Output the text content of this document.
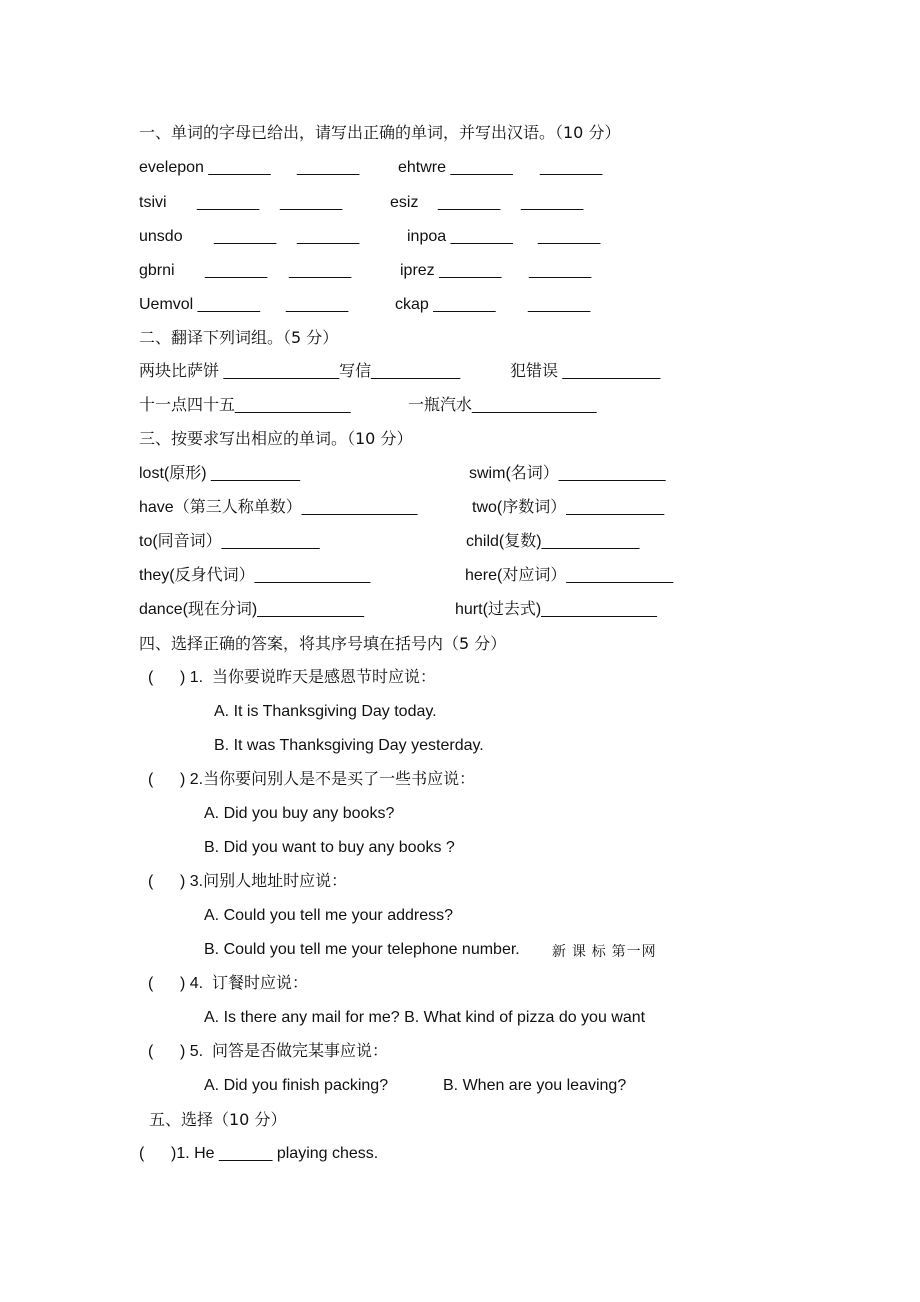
一、单词的字母已给出，请写出正确的单词，并写出汉语。（10 分）
evelepon _______ _______ ehtwre _______ _______
tsivi _______ _______	esiz _______ _______
unsdo _______ _______	inpoa _______ _______
gbrni _______ _______	iprez _______ _______
Uemvol _______ _______	ckap _______ _______
二、翻译下列词组。（5 分）
两块比萨饼 _____________写信__________	犯错误 ___________
十一点四十五_____________	一瓶汽水______________
三、按要求写出相应的单词。（10 分）
lost(原形) __________	swim(名词）____________
have（第三人称单数）_____________	two(序数词）___________
to(同音词）___________	child(复数)___________
they(反身代词）_____________	here(对应词）____________
dance(现在分词)____________	hurt(过去式)_____________
四、选择正确的答案，将其序号填在括号内（5 分）
(      ) 1.  当你要说昨天是感恩节时应说：
A. It is Thanksgiving Day today.
B. It was Thanksgiving Day yesterday.
(      ) 2.当你要问别人是不是买了一些书应说：
A. Did you buy any books?
B. Did you want to buy any books ?
(      ) 3.问别人地址时应说：
A. Could you tell me your address?
B. Could you tell me your telephone number. 新 课 标 第一网
(      ) 4.  订餐时应说：
A. Is there any mail for me? B. What kind of pizza do you want
(      ) 5.  问答是否做完某事应说：
A. Did you finish packing?	B. When are you leaving?
五、选择（10 分）
(      )1. He ______ playing chess.
